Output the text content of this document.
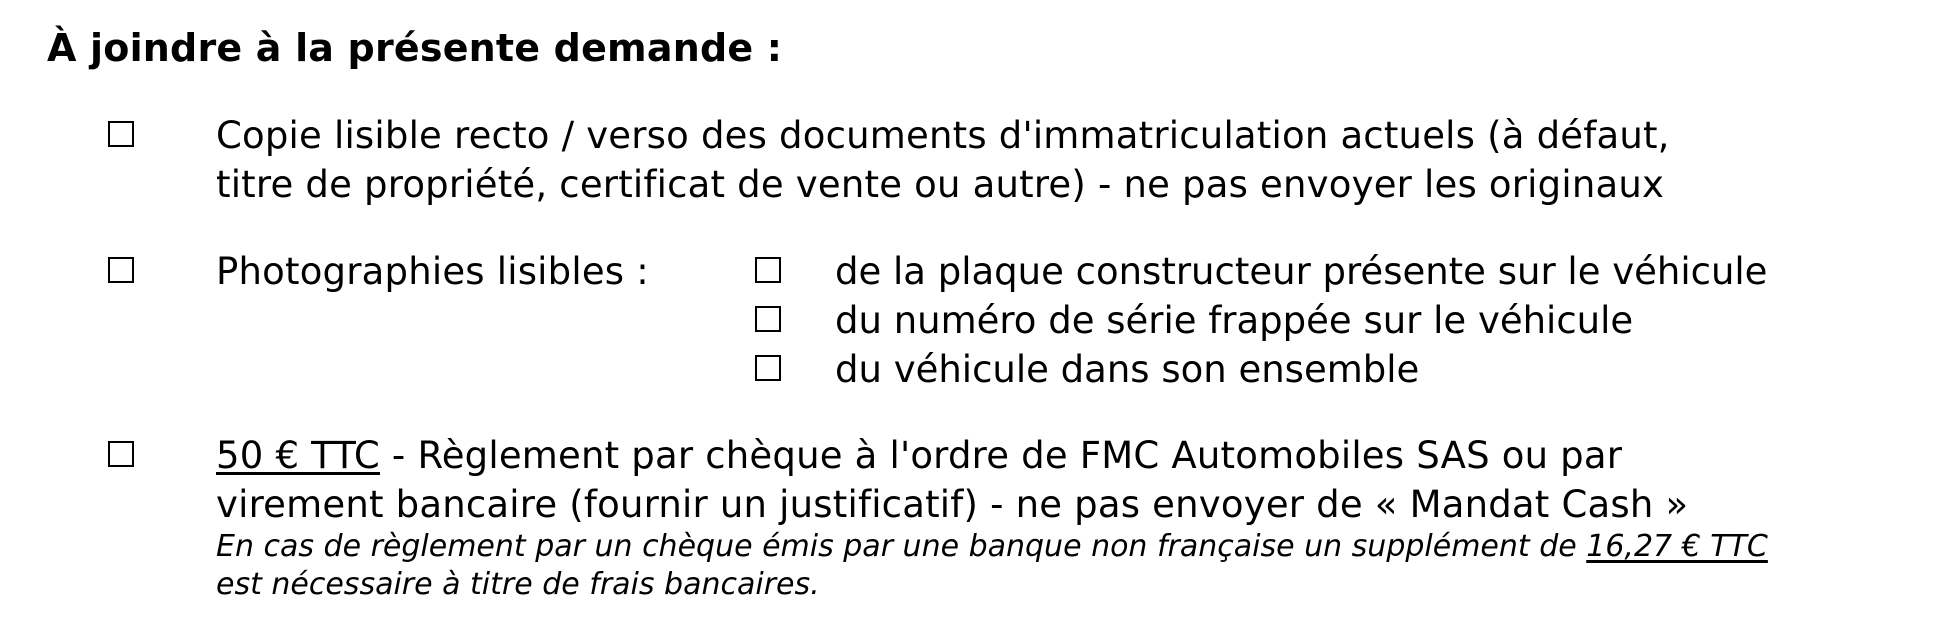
À joindre à la présente demande :
Copie lisible recto / verso des documents d'immatriculation actuels (à défaut,
titre de propriété, certificat de vente ou autre) - ne pas envoyer les originaux
Photographies lisibles :	de la plaque constructeur présente sur le véhicule
du numéro de série frappée sur le véhicule
du véhicule dans son ensemble
50 € TTC - Règlement par chèque à l'ordre de FMC Automobiles SAS ou par
virement bancaire (fournir un justificatif) - ne pas envoyer de « Mandat Cash »
En cas de règlement par un chèque émis par une banque non française un supplément de 16,27 € TTC
est nécessaire à titre de frais bancaires.
